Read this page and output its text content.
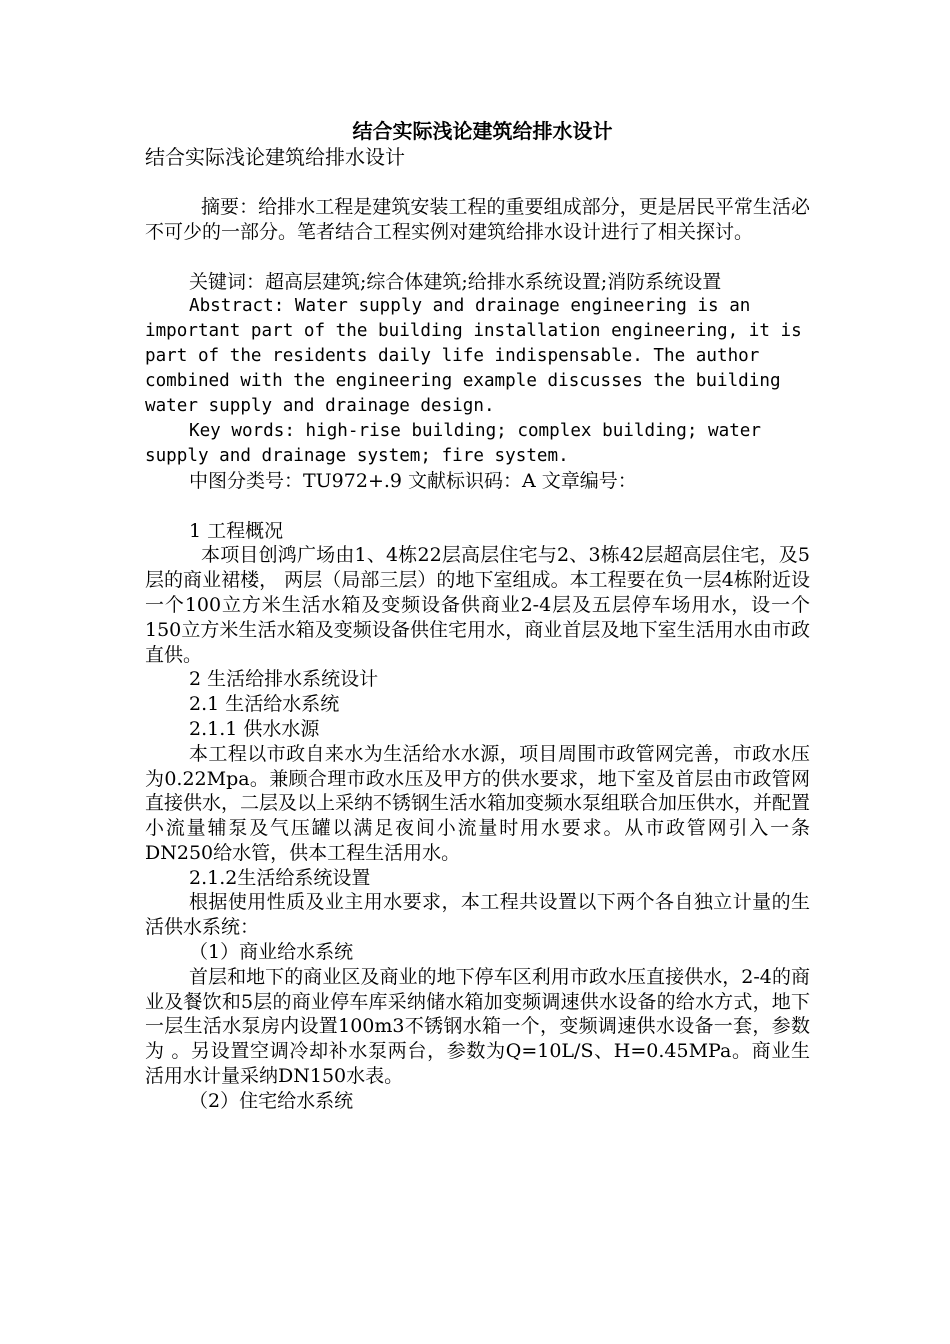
结合实际浅论建筑给排水设计

结合实际浅论建筑给排水设计

摘要：给排水工程是建筑安装工程的重要组成部分，更是居民平常生活必不可少的一部分。笔者结合工程实例对建筑给排水设计进行了相关探讨。

关键词：超高层建筑;综合体建筑;给排水系统设置;消防系统设置

Abstract: Water supply and drainage engineering is an important part of the building installation engineering, it is part of the residents daily life indispensable. The author combined with the engineering example discusses the building water supply and drainage design.

Key words: high-rise building; complex building; water supply and drainage system; fire system.

中图分类号：TU972+.9 文献标识码：A 文章编号：

1 工程概况

本项目创鸿广场由1、4栋22层高层住宅与2、3栋42层超高层住宅，及5层的商业裙楼， 两层（局部三层）的地下室组成。本工程要在负一层4栋附近设一个100立方米生活水箱及变频设备供商业2-4层及五层停车场用水，设一个150立方米生活水箱及变频设备供住宅用水，商业首层及地下室生活用水由市政直供。

2 生活给排水系统设计

2.1 生活给水系统

2.1.1 供水水源

本工程以市政自来水为生活给水水源，项目周围市政管网完善，市政水压为0.22Mpa。兼顾合理市政水压及甲方的供水要求，地下室及首层由市政管网直接供水，二层及以上采纳不锈钢生活水箱加变频水泵组联合加压供水，并配置小流量辅泵及气压罐以满足夜间小流量时用水要求。从市政管网引入一条DN250给水管，供本工程生活用水。

2.1.2生活给系统设置

根据使用性质及业主用水要求，本工程共设置以下两个各自独立计量的生活供水系统：

（1）商业给水系统

首层和地下的商业区及商业的地下停车区利用市政水压直接供水，2-4的商业及餐饮和5层的商业停车库采纳储水箱加变频调速供水设备的给水方式，地下一层生活水泵房内设置100m3不锈钢水箱一个，变频调速供水设备一套，参数为 。另设置空调冷却补水泵两台，参数为Q=10L/S、H=0.45MPa。商业生活用水计量采纳DN150水表。

（2）住宅给水系统
